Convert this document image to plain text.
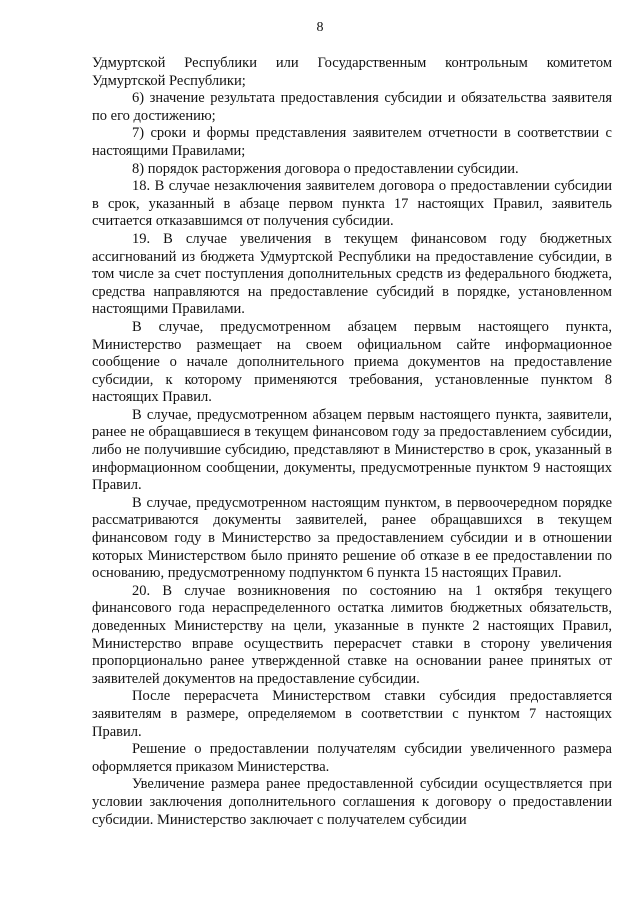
8

Удмуртской Республики или Государственным контрольным комитетом Удмуртской Республики;

6) значение результата предоставления субсидии и обязательства заявителя по его достижению;

7) сроки и формы представления заявителем отчетности в соответствии с настоящими Правилами;

8) порядок расторжения договора о предоставлении субсидии.

18. В случае незаключения заявителем договора о предоставлении субсидии в срок, указанный в абзаце первом пункта 17 настоящих Правил, заявитель считается отказавшимся от получения субсидии.

19. В случае увеличения в текущем финансовом году бюджетных ассигнований из бюджета Удмуртской Республики на предоставление субсидии, в том числе за счет поступления дополнительных средств из федерального бюджета, средства направляются на предоставление субсидий в порядке, установленном настоящими Правилами.

В случае, предусмотренном абзацем первым настоящего пункта, Министерство размещает на своем официальном сайте информационное сообщение о начале дополнительного приема документов на предоставление субсидии, к которому применяются требования, установленные пунктом 8 настоящих Правил.

В случае, предусмотренном абзацем первым настоящего пункта, заявители, ранее не обращавшиеся в текущем финансовом году за предоставлением субсидии, либо не получившие субсидию, представляют в Министерство в срок, указанный в информационном сообщении, документы, предусмотренные пунктом 9 настоящих Правил.

В случае, предусмотренном настоящим пунктом, в первоочередном порядке рассматриваются документы заявителей, ранее обращавшихся в текущем финансовом году в Министерство за предоставлением субсидии и в отношении которых Министерством было принято решение об отказе в ее предоставлении по основанию, предусмотренному подпунктом 6 пункта 15 настоящих Правил.

20. В случае возникновения по состоянию на 1 октября текущего финансового года нераспределенного остатка лимитов бюджетных обязательств, доведенных Министерству на цели, указанные в пункте 2 настоящих Правил, Министерство вправе осуществить перерасчет ставки в сторону увеличения пропорционально ранее утвержденной ставке на основании ранее принятых от заявителей документов на предоставление субсидии.

После перерасчета Министерством ставки субсидия предоставляется заявителям в размере, определяемом в соответствии с пунктом 7 настоящих Правил.

Решение о предоставлении получателям субсидии увеличенного размера оформляется приказом Министерства.

Увеличение размера ранее предоставленной субсидии осуществляется при условии заключения дополнительного соглашения к договору о предоставлении субсидии. Министерство заключает с получателем субсидии
